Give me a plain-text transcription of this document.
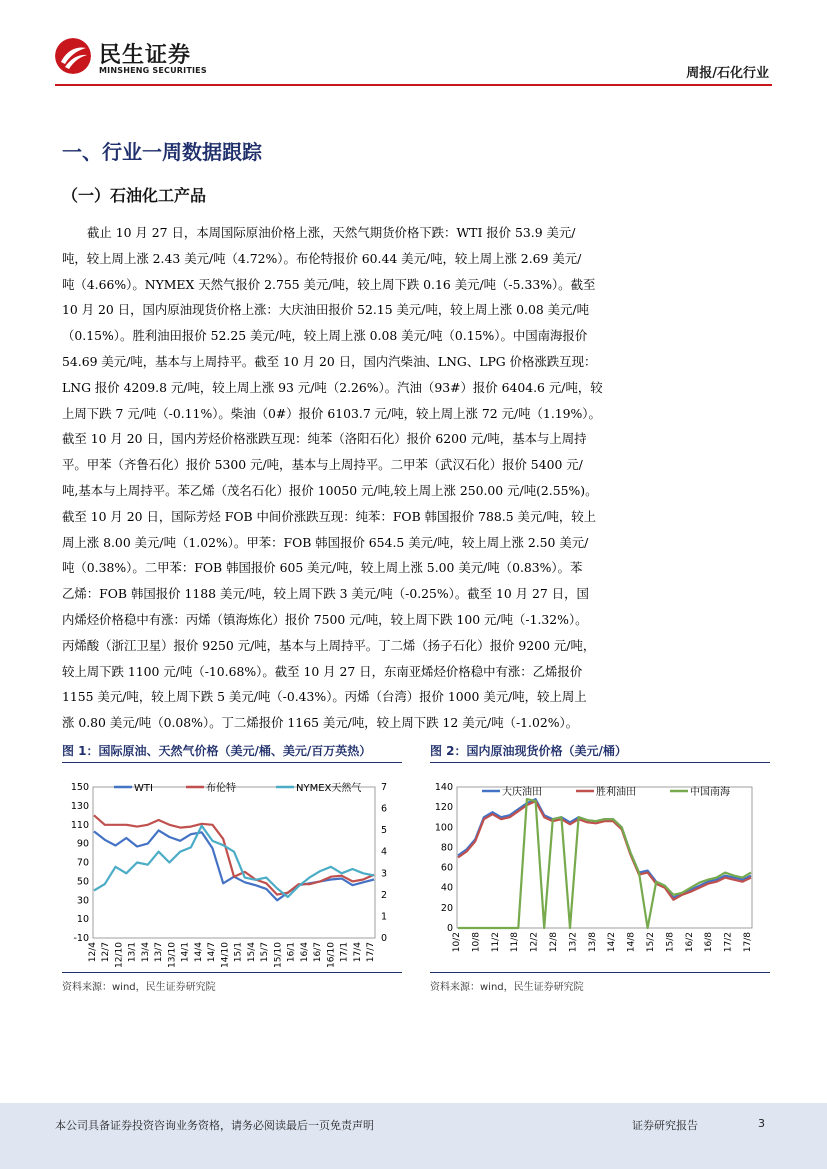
民生证券
MINSHENG SECURITIES	周报/石化行业
一、行业一周数据跟踪
（一）石油化工产品
截止 10 月 27 日，本周国际原油价格上涨，天然气期货价格下跌：WTI 报价 53.9 美元/
吨，较上周上涨 2.43 美元/吨（4.72%）。布伦特报价 60.44 美元/吨，较上周上涨 2.69 美元/
吨（4.66%）。NYMEX 天然气报价 2.755 美元/吨，较上周下跌 0.16 美元/吨（-5.33%）。截至
10 月 20 日，国内原油现货价格上涨：大庆油田报价 52.15 美元/吨，较上周上涨 0.08 美元/吨
（0.15%）。胜利油田报价 52.25 美元/吨，较上周上涨 0.08 美元/吨（0.15%）。中国南海报价
54.69 美元/吨，基本与上周持平。截至 10 月 20 日，国内汽柴油、LNG、LPG 价格涨跌互现：
LNG 报价 4209.8 元/吨，较上周上涨 93 元/吨（2.26%）。汽油（93#）报价 6404.6 元/吨，较
上周下跌 7 元/吨（-0.11%）。柴油（0#）报价 6103.7 元/吨，较上周上涨 72 元/吨（1.19%）。
截至 10 月 20 日，国内芳烃价格涨跌互现：纯苯（洛阳石化）报价 6200 元/吨，基本与上周持
平。甲苯（齐鲁石化）报价 5300 元/吨，基本与上周持平。二甲苯（武汉石化）报价 5400 元/
吨,基本与上周持平。苯乙烯（茂名石化）报价 10050 元/吨,较上周上涨 250.00 元/吨(2.55%)。
截至 10 月 20 日，国际芳烃 FOB 中间价涨跌互现：纯苯：FOB 韩国报价 788.5 美元/吨，较上
周上涨 8.00 美元/吨（1.02%）。甲苯：FOB 韩国报价 654.5 美元/吨，较上周上涨 2.50 美元/
吨（0.38%）。二甲苯：FOB 韩国报价 605 美元/吨，较上周上涨 5.00 美元/吨（0.83%）。苯
乙烯：FOB 韩国报价 1188 美元/吨，较上周下跌 3 美元/吨（-0.25%）。截至 10 月 27 日，国
内烯烃价格稳中有涨：丙烯（镇海炼化）报价 7500 元/吨，较上周下跌 100 元/吨（-1.32%）。
丙烯酸（浙江卫星）报价 9250 元/吨，基本与上周持平。丁二烯（扬子石化）报价 9200 元/吨，
较上周下跌 1100 元/吨（-10.68%）。截至 10 月 27 日，东南亚烯烃价格稳中有涨：乙烯报价
1155 美元/吨，较上周下跌 5 美元/吨（-0.43%）。丙烯（台湾）报价 1000 美元/吨，较上周上
涨 0.80 美元/吨（0.08%）。丁二烯报价 1165 美元/吨，较上周下跌 12 美元/吨（-1.02%）。
图 1：国际原油、天然气价格（美元/桶、美元/百万英热）
-10
10
30
50
70
90
110
130
150
0
1
2
3
4
5
6
7
12/4 12/7 12/10 13/1 13/4 13/7 13/10 14/1 14/4 14/7 14/10 15/1 15/4 15/7 15/10 16/1 16/4 16/7 16/10 17/1 17/4 17/7
WTI	布伦特	NYMEX天然气
资料来源：wind，民生证券研究院
图 2：国内原油现货价格（美元/桶）
0
20
40
60
80
100
120
140
10/2 10/8 11/2 11/8 12/2 12/8 13/2 13/8 14/2 14/8 15/2 15/8 16/2 16/8 17/2 17/8
大庆油田	胜利油田	中国南海
资料来源：wind，民生证券研究院
本公司具备证券投资咨询业务资格，请务必阅读最后一页免责声明	证券研究报告	3
